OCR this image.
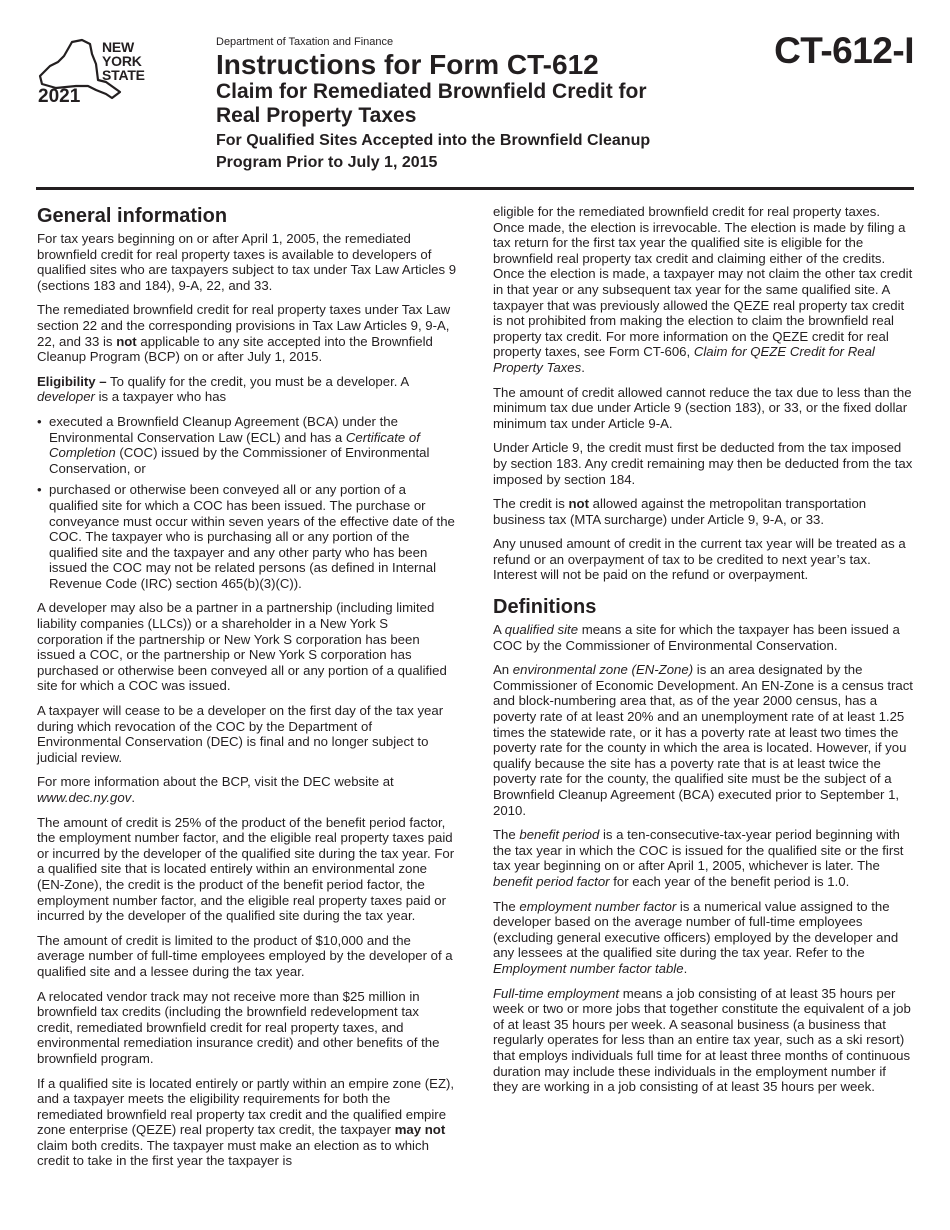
NEW
YORK
STATE
2021
Department of Taxation and Finance
Instructions for Form CT-612
Claim for Remediated Brownfield Credit for
Real Property Taxes
For Qualified Sites Accepted into the Brownfield Cleanup
Program Prior to July 1, 2015
CT-612-I
General information

For tax years beginning on or after April 1, 2005, the remediated brownfield credit for real property taxes is available to developers of qualified sites who are taxpayers subject to tax under Tax Law Articles 9 (sections 183 and 184), 9-A, 22, and 33.

The remediated brownfield credit for real property taxes under Tax Law section 22 and the corresponding provisions in Tax Law Articles 9, 9-A, 22, and 33 is not applicable to any site accepted into the Brownfield Cleanup Program (BCP) on or after July 1, 2015.

Eligibility – To qualify for the credit, you must be a developer. A developer is a taxpayer who has

• executed a Brownfield Cleanup Agreement (BCA) under the Environmental Conservation Law (ECL) and has a Certificate of Completion (COC) issued by the Commissioner of Environmental Conservation, or
• purchased or otherwise been conveyed all or any portion of a qualified site for which a COC has been issued. The purchase or conveyance must occur within seven years of the effective date of the COC. The taxpayer who is purchasing all or any portion of the qualified site and the taxpayer and any other party who has been issued the COC may not be related persons (as defined in Internal Revenue Code (IRC) section 465(b)(3)(C)).

A developer may also be a partner in a partnership (including limited liability companies (LLCs)) or a shareholder in a New York S corporation if the partnership or New York S corporation has been issued a COC, or the partnership or New York S corporation has purchased or otherwise been conveyed all or any portion of a qualified site for which a COC was issued.

A taxpayer will cease to be a developer on the first day of the tax year during which revocation of the COC by the Department of Environmental Conservation (DEC) is final and no longer subject to judicial review.

For more information about the BCP, visit the DEC website at www.dec.ny.gov.

The amount of credit is 25% of the product of the benefit period factor, the employment number factor, and the eligible real property taxes paid or incurred by the developer of the qualified site during the tax year. For a qualified site that is located entirely within an environmental zone (EN-Zone), the credit is the product of the benefit period factor, the employment number factor, and the eligible real property taxes paid or incurred by the developer of the qualified site during the tax year.

The amount of credit is limited to the product of $10,000 and the average number of full-time employees employed by the developer of a qualified site and a lessee during the tax year.

A relocated vendor track may not receive more than $25 million in brownfield tax credits (including the brownfield redevelopment tax credit, remediated brownfield credit for real property taxes, and environmental remediation insurance credit) and other benefits of the brownfield program.

If a qualified site is located entirely or partly within an empire zone (EZ), and a taxpayer meets the eligibility requirements for both the remediated brownfield real property tax credit and the qualified empire zone enterprise (QEZE) real property tax credit, the taxpayer may not claim both credits. The taxpayer must make an election as to which credit to take in the first year the taxpayer is

eligible for the remediated brownfield credit for real property taxes. Once made, the election is irrevocable. The election is made by filing a tax return for the first tax year the qualified site is eligible for the brownfield real property tax credit and claiming either of the credits. Once the election is made, a taxpayer may not claim the other tax credit in that year or any subsequent tax year for the same qualified site. A taxpayer that was previously allowed the QEZE real property tax credit is not prohibited from making the election to claim the brownfield real property tax credit. For more information on the QEZE credit for real property taxes, see Form CT-606, Claim for QEZE Credit for Real Property Taxes.

The amount of credit allowed cannot reduce the tax due to less than the minimum tax due under Article 9 (section 183), or 33, or the fixed dollar minimum tax under Article 9-A.

Under Article 9, the credit must first be deducted from the tax imposed by section 183. Any credit remaining may then be deducted from the tax imposed by section 184.

The credit is not allowed against the metropolitan transportation business tax (MTA surcharge) under Article 9, 9-A, or 33.

Any unused amount of credit in the current tax year will be treated as a refund or an overpayment of tax to be credited to next year’s tax. Interest will not be paid on the refund or overpayment.

Definitions

A qualified site means a site for which the taxpayer has been issued a COC by the Commissioner of Environmental Conservation.

An environmental zone (EN-Zone) is an area designated by the Commissioner of Economic Development. An EN-Zone is a census tract and block-numbering area that, as of the year 2000 census, has a poverty rate of at least 20% and an unemployment rate of at least 1.25 times the statewide rate, or it has a poverty rate at least two times the poverty rate for the county in which the area is located. However, if you qualify because the site has a poverty rate that is at least twice the poverty rate for the county, the qualified site must be the subject of a Brownfield Cleanup Agreement (BCA) executed prior to September 1, 2010.

The benefit period is a ten-consecutive-tax-year period beginning with the tax year in which the COC is issued for the qualified site or the first tax year beginning on or after April 1, 2005, whichever is later. The benefit period factor for each year of the benefit period is 1.0.

The employment number factor is a numerical value assigned to the developer based on the average number of full-time employees (excluding general executive officers) employed by the developer and any lessees at the qualified site during the tax year. Refer to the Employment number factor table.

Full-time employment means a job consisting of at least 35 hours per week or two or more jobs that together constitute the equivalent of a job of at least 35 hours per week. A seasonal business (a business that regularly operates for less than an entire tax year, such as a ski resort) that employs individuals full time for at least three months of continuous duration may include these individuals in the employment number if they are working in a job consisting of at least 35 hours per week.
